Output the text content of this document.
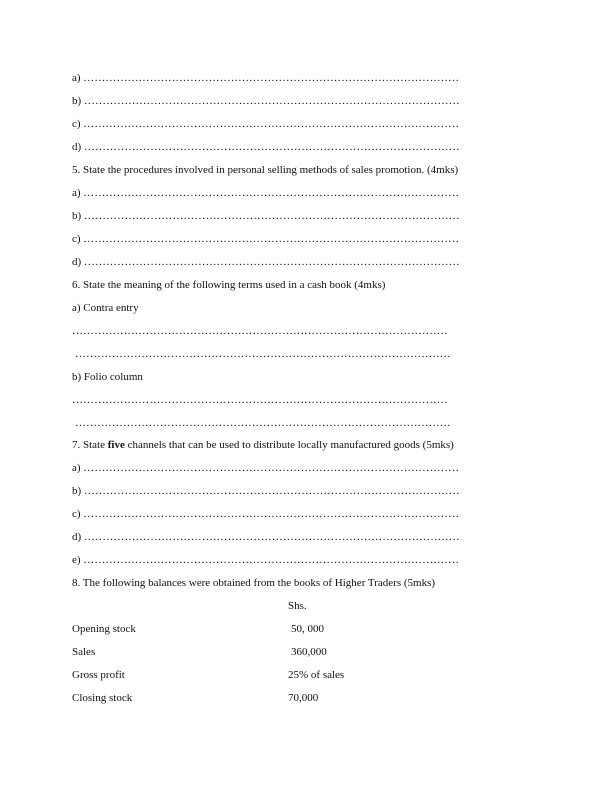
a) …………………………………………………………………………………………
b) …………………………………………………………………………………………
c) …………………………………………………………………………………………
d) …………………………………………………………………………………………
5. State the procedures involved in personal selling methods of sales promotion. (4mks)
a) …………………………………………………………………………………………
b) …………………………………………………………………………………………
c) …………………………………………………………………………………………
d) …………………………………………………………………………………………
6. State the meaning of the following terms used in a cash book (4mks)
a) Contra entry
…………………………………………………………………………………………
…………………………………………………………………………………………
b) Folio column
…………………………………………………………………………………………
…………………………………………………………………………………………
7. State five channels that can be used to distribute locally manufactured goods (5mks)
a) …………………………………………………………………………………………
b) …………………………………………………………………………………………
c) …………………………………………………………………………………………
d) …………………………………………………………………………………………
e) …………………………………………………………………………………………
8. The following balances were obtained from the books of Higher Traders (5mks)
Shs.
Opening stock	50, 000
Sales	360,000
Gross profit	25% of sales
Closing stock	70,000
